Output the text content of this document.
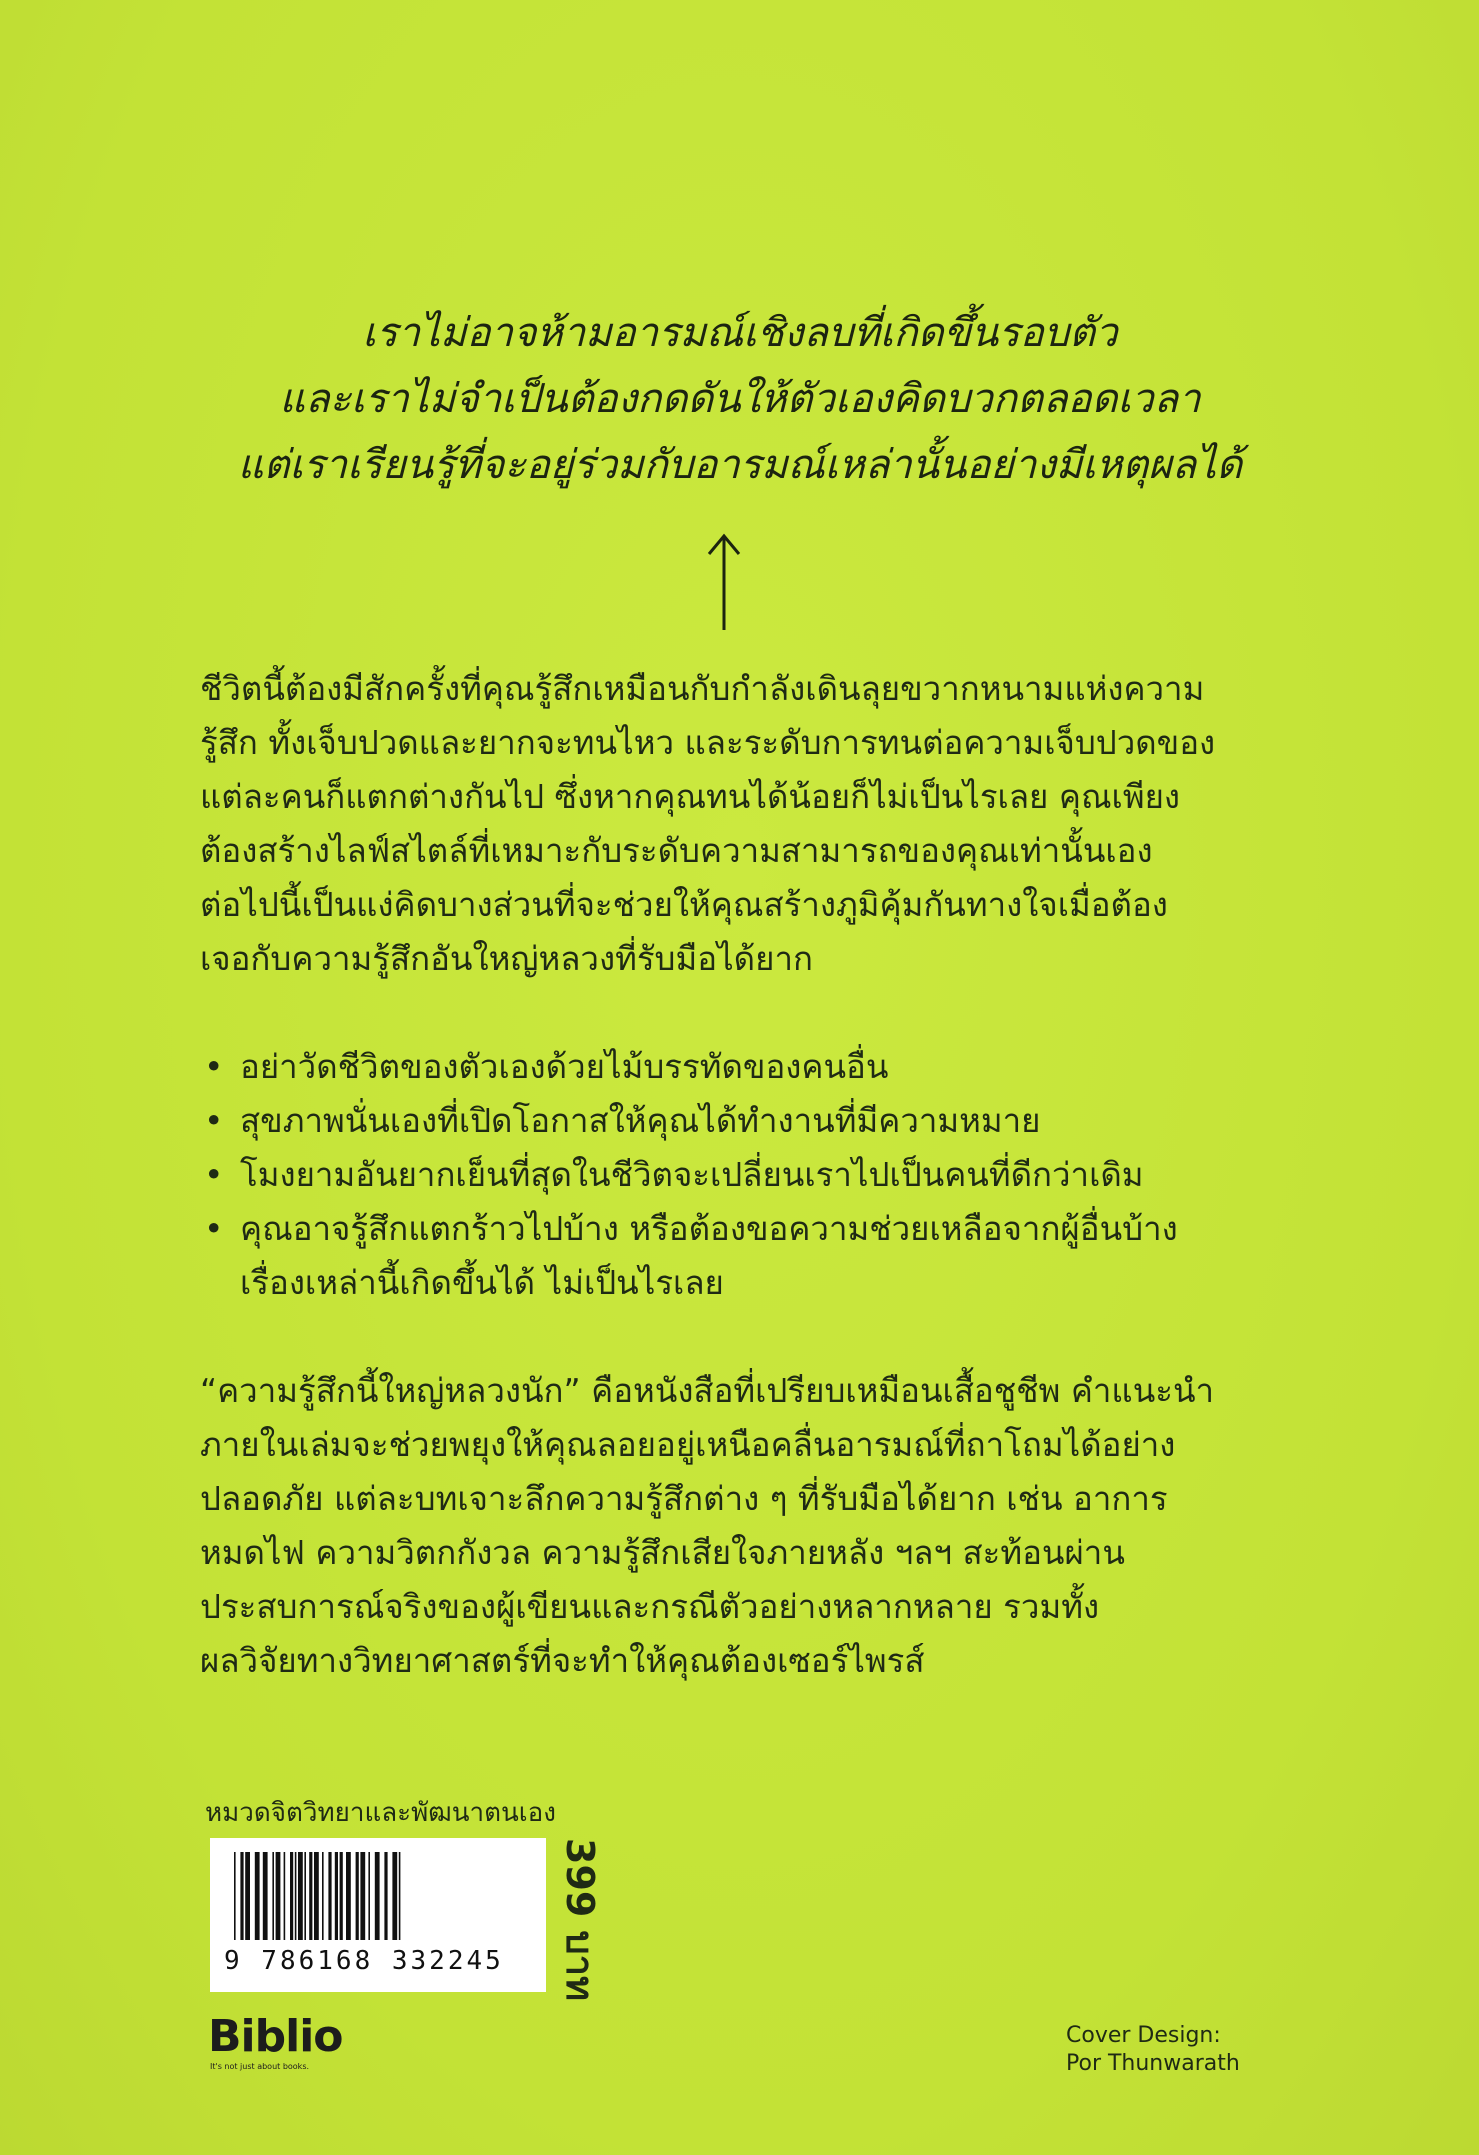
เราไม่อาจห้ามอารมณ์เชิงลบที่เกิดขึ้นรอบตัว
และเราไม่จำเป็นต้องกดดันให้ตัวเองคิดบวกตลอดเวลา
แต่เราเรียนรู้ที่จะอยู่ร่วมกับอารมณ์เหล่านั้นอย่างมีเหตุผลได้
ชีวิตนี้ต้องมีสักครั้งที่คุณรู้สึกเหมือนกับกำลังเดินลุยขวากหนามแห่งความ
รู้สึก ทั้งเจ็บปวดและยากจะทนไหว และระดับการทนต่อความเจ็บปวดของ
แต่ละคนก็แตกต่างกันไป ซึ่งหากคุณทนได้น้อยก็ไม่เป็นไรเลย คุณเพียง
ต้องสร้างไลฟ์สไตล์ที่เหมาะกับระดับความสามารถของคุณเท่านั้นเอง
ต่อไปนี้เป็นแง่คิดบางส่วนที่จะช่วยให้คุณสร้างภูมิคุ้มกันทางใจเมื่อต้อง
เจอกับความรู้สึกอันใหญ่หลวงที่รับมือได้ยาก
• อย่าวัดชีวิตของตัวเองด้วยไม้บรรทัดของคนอื่น
• สุขภาพนั่นเองที่เปิดโอกาสให้คุณได้ทำงานที่มีความหมาย
• โมงยามอันยากเย็นที่สุดในชีวิตจะเปลี่ยนเราไปเป็นคนที่ดีกว่าเดิม
• คุณอาจรู้สึกแตกร้าวไปบ้าง หรือต้องขอความช่วยเหลือจากผู้อื่นบ้าง
เรื่องเหล่านี้เกิดขึ้นได้ ไม่เป็นไรเลย
“ความรู้สึกนี้ใหญ่หลวงนัก” คือหนังสือที่เปรียบเหมือนเสื้อชูชีพ คำแนะนำ
ภายในเล่มจะช่วยพยุงให้คุณลอยอยู่เหนือคลื่นอารมณ์ที่ถาโถมได้อย่าง
ปลอดภัย แต่ละบทเจาะลึกความรู้สึกต่าง ๆ ที่รับมือได้ยาก เช่น อาการ
หมดไฟ ความวิตกกังวล ความรู้สึกเสียใจภายหลัง ฯลฯ สะท้อนผ่าน
ประสบการณ์จริงของผู้เขียนและกรณีตัวอย่างหลากหลาย รวมทั้ง
ผลวิจัยทางวิทยาศาสตร์ที่จะทำให้คุณต้องเซอร์ไพรส์
หมวดจิตวิทยาและพัฒนาตนเอง
9 786168 332245	399 บาท
Biblio
It's not just about books.
Cover Design:
Por Thunwarath
